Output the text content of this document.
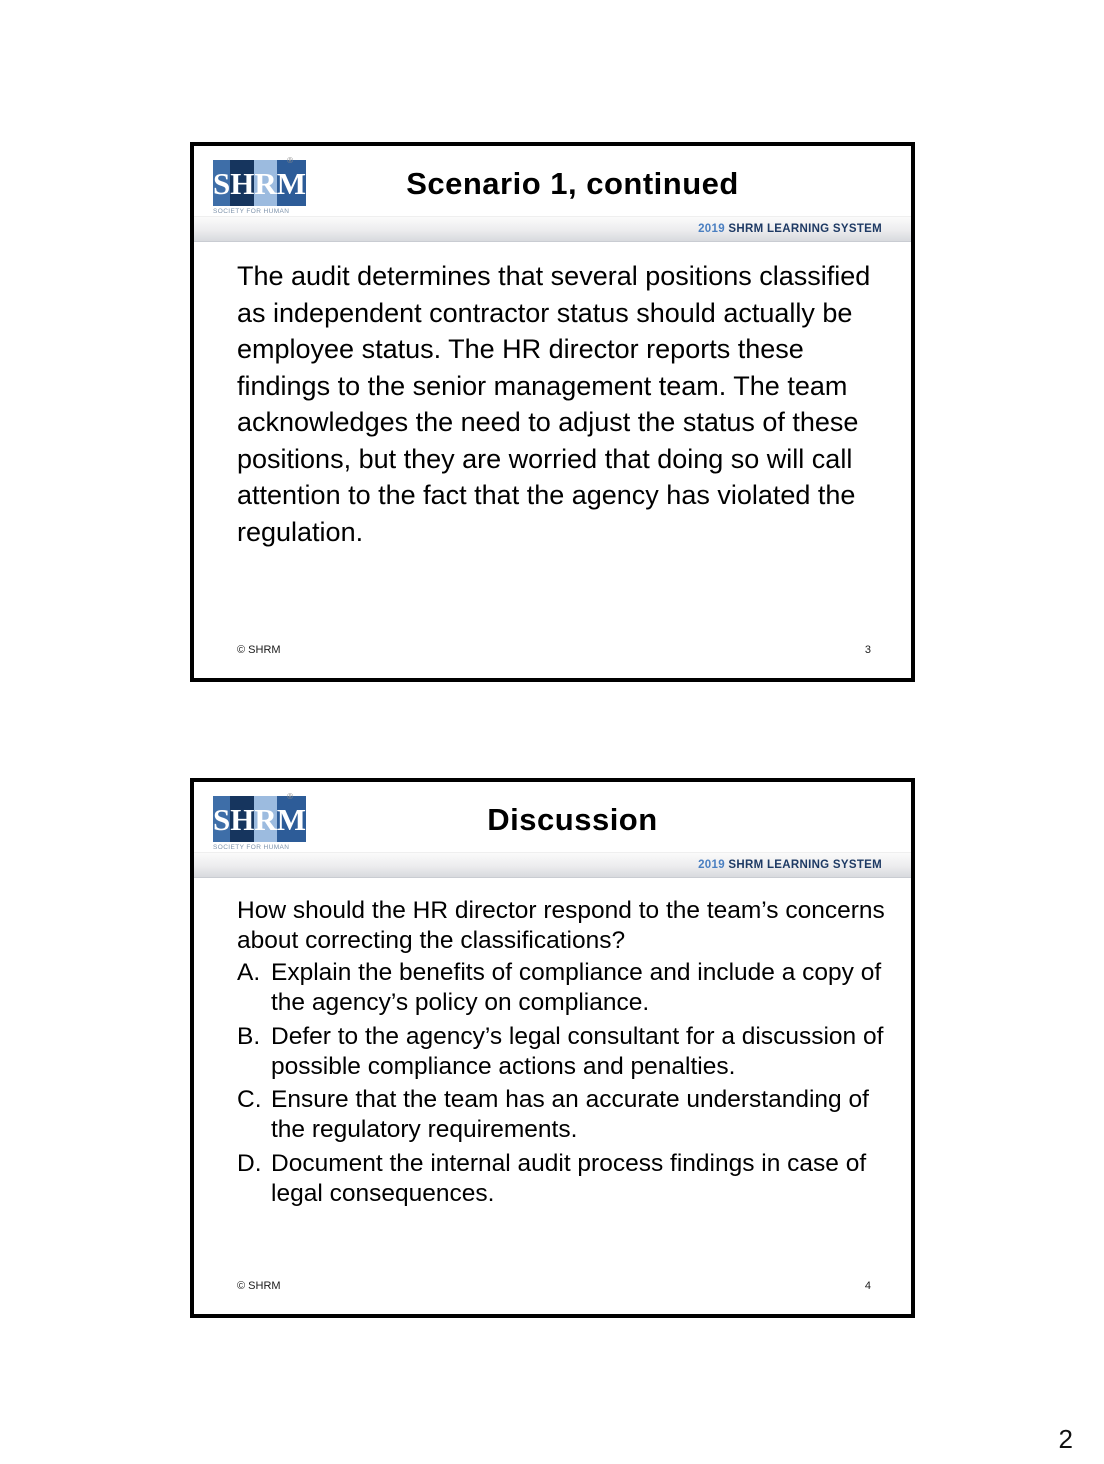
S H R M
®
SOCIETY FOR HUMAN
Scenario 1, continued
2019 SHRM LEARNING SYSTEM
The audit determines that several positions classified as independent contractor status should actually be employee status. The HR director reports these findings to the senior management team. The team acknowledges the need to adjust the status of these positions, but they are worried that doing so will call attention to the fact that the agency has violated the regulation.
© SHRM	3
S H R M
®
SOCIETY FOR HUMAN
Discussion
2019 SHRM LEARNING SYSTEM
How should the HR director respond to the team’s concerns about correcting the classifications?
A. Explain the benefits of compliance and include a copy of the agency’s policy on compliance.
B. Defer to the agency’s legal consultant for a discussion of possible compliance actions and penalties.
C. Ensure that the team has an accurate understanding of the regulatory requirements.
D. Document the internal audit process findings in case of legal consequences.
© SHRM	4
2
